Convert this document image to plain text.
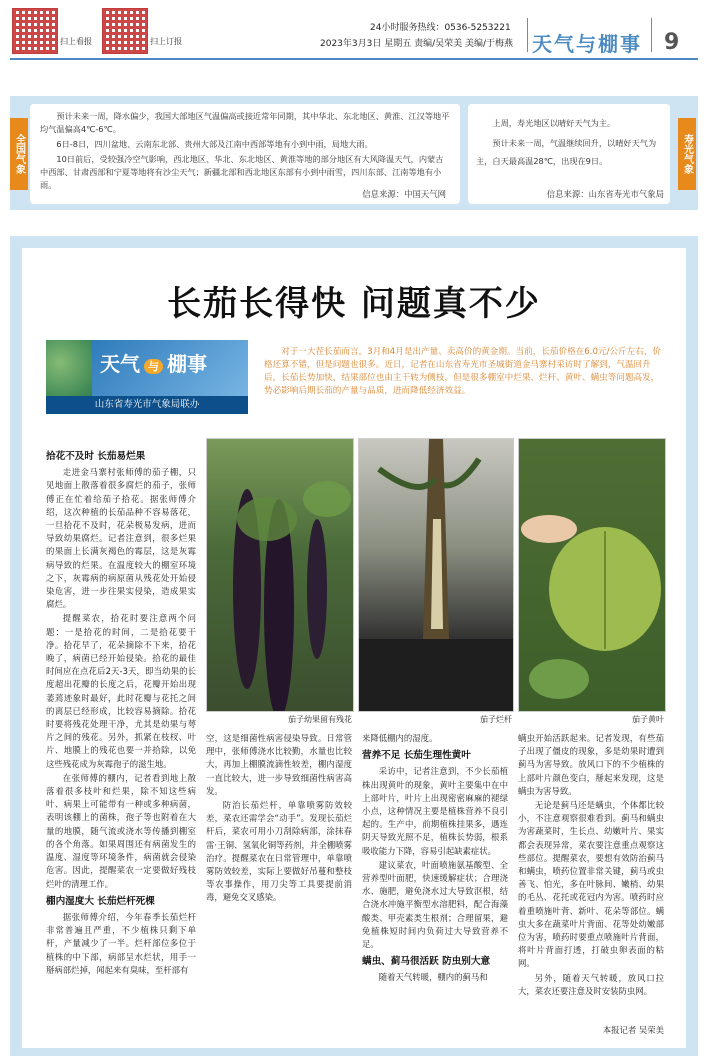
扫上看报	扫上订报
24小时服务热线：0536-5253221
2023年3月3日 星期五 责编/吴荣美 美编/于梅燕 天气与棚事 9
全国气象

预计未来一周，降水偏少，我国大部地区气温偏高或接近常年同期，其中华北、东北地区、黄淮、江汉等地平均气温偏高4℃-6℃。

6日-8日，四川盆地、云南东北部、贵州大部及江南中西部等地有小到中雨，局地大雨。

10日前后，受较强冷空气影响，西北地区、华北、东北地区、黄淮等地的部分地区有大风降温天气，内蒙古中西部、甘肃西部和宁夏等地将有沙尘天气；新疆北部和西北地区东部有小到中雨雪，四川东部、江南等地有小雨。

信息来源：中国天气网

上周，寿光地区以晴好天气为主。

预计未来一周，气温继续回升，以晴好天气为主，白天最高温28℃，出现在9日。

信息来源：山东省寿光市气象局
寿光气象
长茄长得快 问题真不少
天气 与 棚事
山东省寿光市气象局联办
对于一大茬长茄而言，3月和4月是出产量、卖高价的黄金期。当前，长茄价格在6.0元/公斤左右，价格还算不错，但是问题也很多。近日，记者在山东省寿光市圣城街道金马寨村采访时了解到，气温回升后，长茄长势加快，结果部位也由主干转为侧枝，但是很多棚室中烂果、烂杆、黄叶、螨虫等问题高发，势必影响后期长茄的产量与品质，进而降低经济效益。
拾花不及时 长茄易烂果

走进金马寨村张师傅的茄子棚，只见地面上散落着很多腐烂的茄子，张师傅正在忙着给茄子拾花。据张师傅介绍，这次种植的长茄品种不容易落花，一旦拾花不及时，花朵极易发病，进而导致幼果腐烂。记者注意到，很多烂果的果面上长满灰褐色的霉层，这是灰霉病导致的烂果。在温度较大的棚室环境之下，灰霉病的病原菌从残花处开始侵染危害，进一步往果实侵染，造成果实腐烂。

提醒菜农，拾花时要注意两个问题：一是拾花的时间，二是拾花要干净。拾花早了，花朵摘除不下来，拾花晚了，病菌已经开始侵染。拾花的最佳时间应在点花后2天-3天，即当幼果的长度超出花瓣的长度之后，花瓣开始出现萎蔫迹象时最好，此时花瓣与花托之间的离层已经形成，比较容易摘除。拾花时要将残花处理干净，尤其是幼果与萼片之间的残花。另外，抓紧在枝杈、叶片、地膜上的残花也要一并拾除，以免这些残花成为灰霉孢子的滋生地。

在张师傅的棚内，记者看到地上散落着很多枝叶和烂果，除不知这些病叶、病果上可能带有一种或多种病菌，表明该棚上的菌株，孢子等也附着在大量的地膜，随气流或浇水等传播到棚室的各个角落。如果周围还有病菌发生的温度、湿度等环境条件，病菌就会侵染危害。因此，提醒菜农一定要做好残枝烂叶的清理工作。

棚内湿度大 长茄烂杆死棵

据张师傅介绍，今年春季长茄烂杆非常普遍且严重，不少植株只剩下单杆，产量减少了一半。烂杆部位多位于植株的中下部，病部呈水烂状，用手一掰病部烂掉，闻起来有臭味，至杆部有

茄子幼果留有残花	茄子烂杆	茄子黄叶

空，这是细菌性病害侵染导致。日常管理中，张师傅浇水比较勤，水量也比较大，再加上棚膜流滴性较差，棚内湿度一直比较大，进一步导致细菌性病害高发。

防治长茄烂杆，单靠喷雾防效较差，菜农还需学会“动手”。发现长茄烂杆后，菜农可用小刀刮除病部，涂抹春雷·王铜、氢氧化铜等药剂，并全棚喷雾治疗。提醒菜农在日常管理中，单靠喷雾防效较差，实际上要做好吊蔓和整枝等农事操作，用刀尖等工具要提前消毒，避免交叉感染。

来降低棚内的湿度。

营养不足 长茄生理性黄叶

采访中，记者注意到，不少长茄植株出现黄叶的现象，黄叶主要集中在中上部叶片，叶片上出现密密麻麻的褪绿小点，这种情况主要是植株营养不良引起的。生产中，前期植株挂果多，遇连阴天导致光照不足，植株长势弱，根系吸收能力下降，容易引起缺素症状。

建议菜农，叶面喷施氨基酸型、全营养型叶面肥，快速缓解症状；合理浇水、施肥，避免浇水过大导致沤根，结合浇水冲施平衡型水溶肥料，配合海藻酸类、甲壳素类生根剂；合理留果，避免植株短时间内负荷过大导致营养不足。

螨虫、蓟马很活跃 防虫别大意

随着天气转暖，棚内的蓟马和

螨虫开始活跃起来。记者发现，有些茄子出现了僵皮的现象，多是幼果时遭到蓟马为害导致。放风口下的不少植株的上部叶片颜色变白，掰起来发现，这是螨虫为害导致。

无论是蓟马还是螨虫，个体都比较小，不注意观察很难看到。蓟马和螨虫为害蔬菜时，生长点、幼嫩叶片、果实都会表现异常，菜农要注意重点观察这些部位。提醒菜农，要想有效防治蓟马和螨虫，喷药位置非常关键，蓟马或虫善飞、怕光，多在叶脉间、嫩梢、幼果的毛丛、花托或花冠内为害。喷药时应着重喷施叶背、新叶、花朵等部位。螨虫大多在蔬菜叶片背面、花等处幼嫩部位为害，喷药时要重点喷施叶片背面，将叶片背面打透，打破虫卵表面的粘网。

另外，随着天气转暖，放风口拉大，菜农还要注意及时安装防虫网。

本报记者 吴荣美
